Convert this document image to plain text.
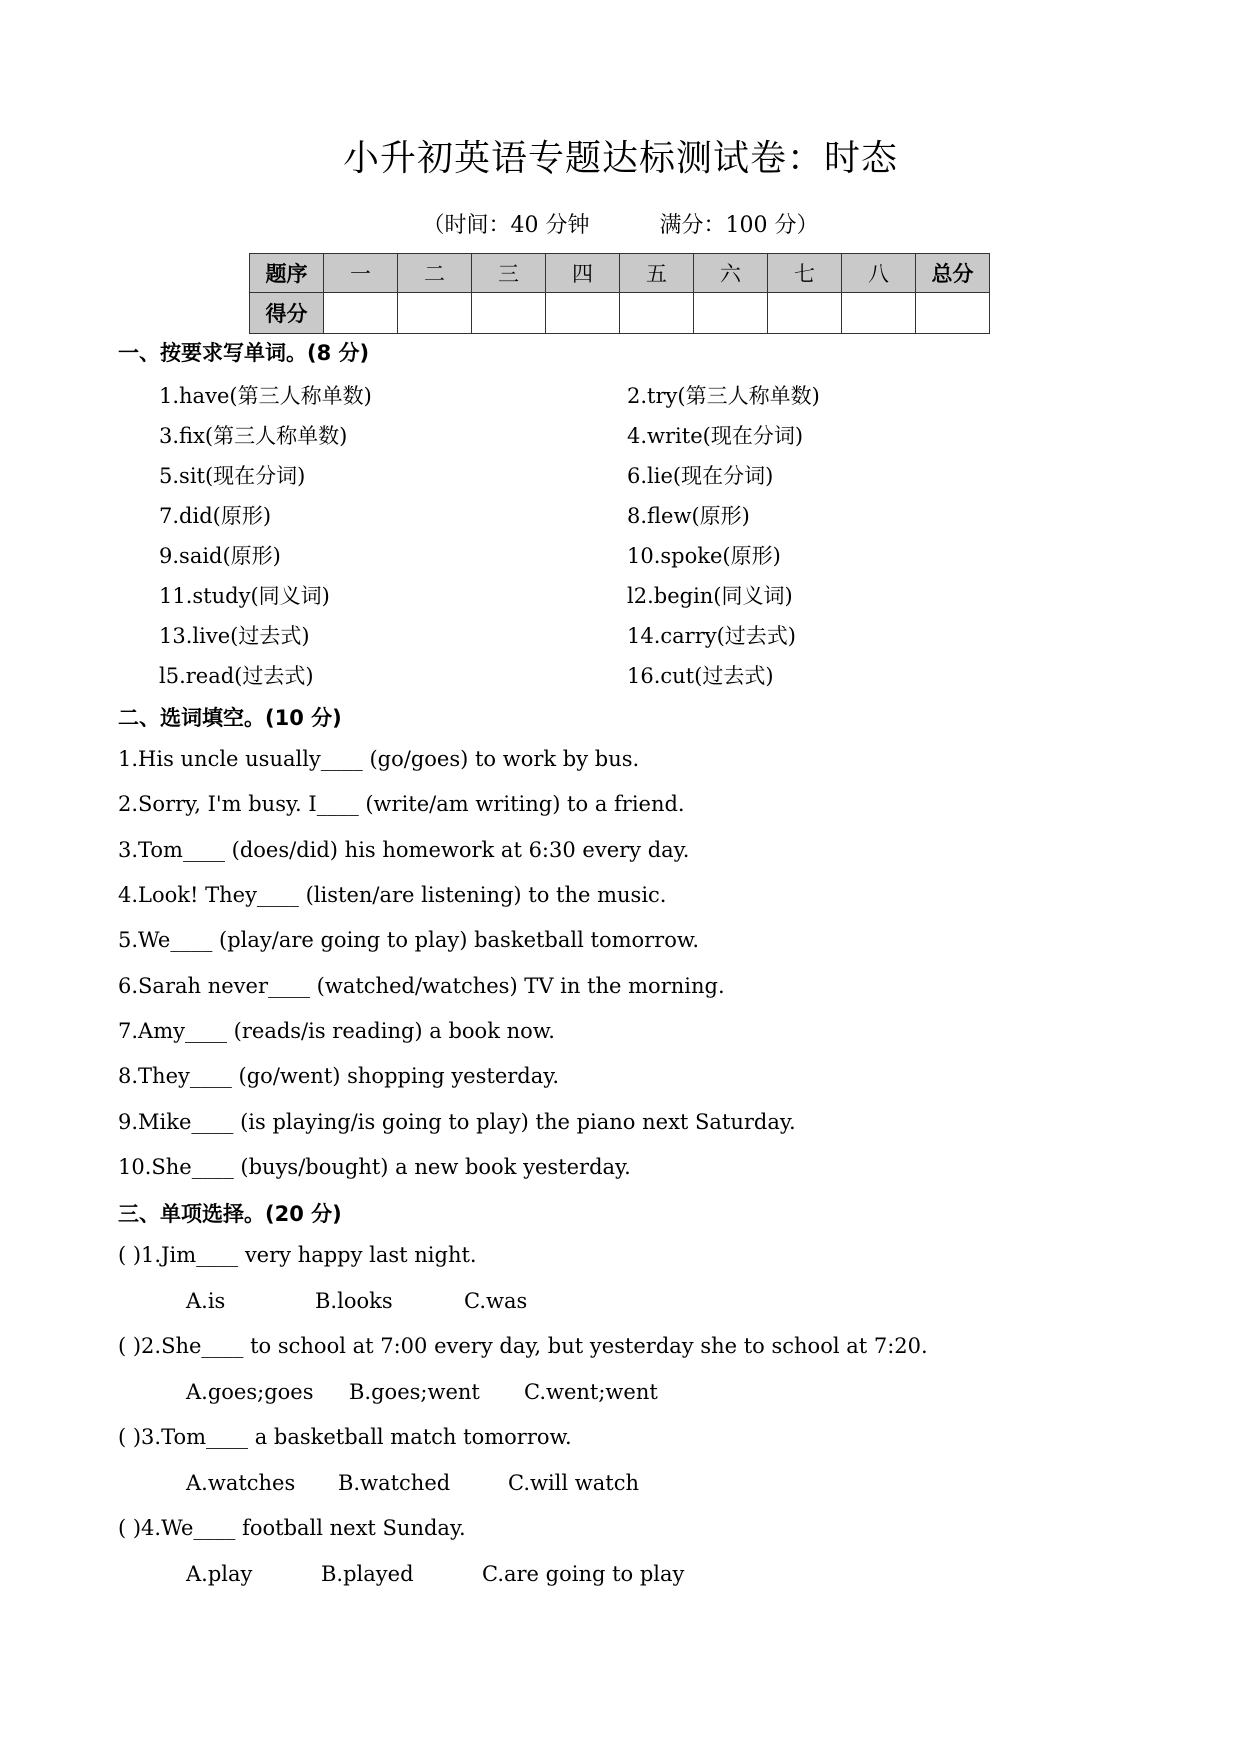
小升初英语专题达标测试卷：时态
（时间：40 分钟          满分：100 分）
题序	一	二	三	四	五	六	七	八	总分
得分									
一、按要求写单词。(8 分)
1.have(第三人称单数)	2.try(第三人称单数)
3.fix(第三人称单数)	4.write(现在分词)
5.sit(现在分词)	6.lie(现在分词)
7.did(原形)	8.flew(原形)
9.said(原形)	10.spoke(原形)
11.study(同义词)	l2.begin(同义词)
13.live(过去式)	14.carry(过去式)
l5.read(过去式)	16.cut(过去式)
二、选词填空。(10 分)
1.His uncle usually____ (go/goes) to work by bus.
2.Sorry, I'm busy. I____ (write/am writing) to a friend.
3.Tom____ (does/did) his homework at 6:30 every day.
4.Look! They____ (listen/are listening) to the music.
5.We____ (play/are going to play) basketball tomorrow.
6.Sarah never____ (watched/watches) TV in the morning.
7.Amy____ (reads/is reading) a book now.
8.They____ (go/went) shopping yesterday.
9.Mike____ (is playing/is going to play) the piano next Saturday.
10.She____ (buys/bought) a new book yesterday.
三、单项选择。(20 分)
( )1.Jim____ very happy last night.
A.is	B.looks	C.was
( )2.She____ to school at 7:00 every day, but yesterday she to school at 7:20.
A.goes;goes B.goes;went C.went;went
( )3.Tom____ a basketball match tomorrow.
A.watches B.watched	C.will watch
( )4.We____ football next Sunday.
A.play	B.played	C.are going to play
